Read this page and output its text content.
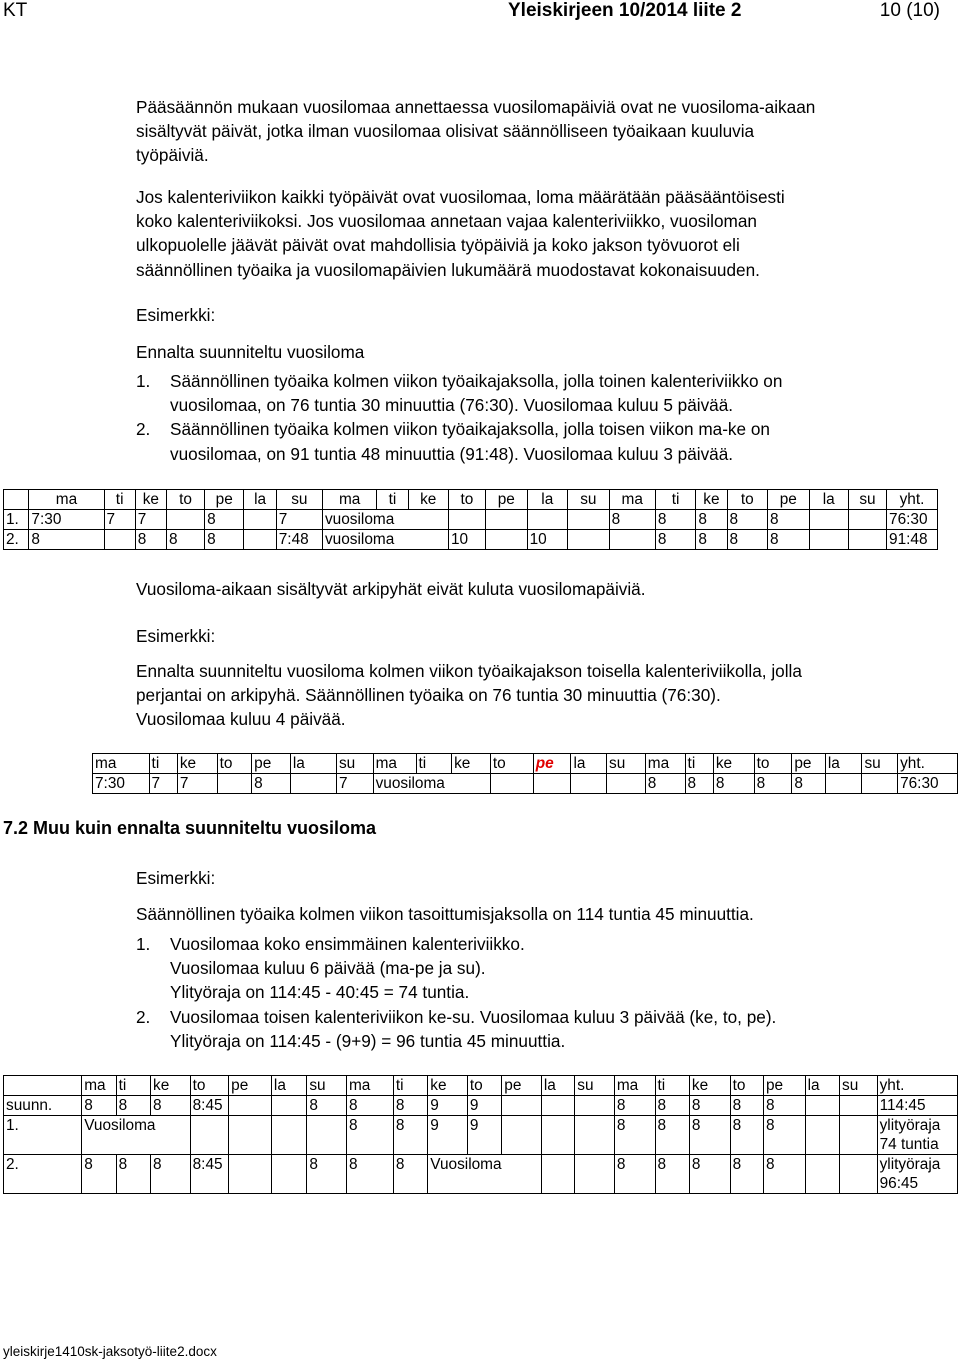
KT	Yleiskirjeen 10/2014 liite 2	10 (10)

Pääsäännön mukaan vuosilomaa annettaessa vuosilomapäiviä ovat ne vuosiloma-aikaan

sisältyvät päivät, jotka ilman vuosilomaa olisivat säännölliseen työaikaan kuuluvia

työpäiviä.

Jos kalenteriviikon kaikki työpäivät ovat vuosilomaa, loma määrätään pääsääntöisesti

koko kalenteriviikoksi. Jos vuosilomaa annetaan vajaa kalenteriviikko, vuosiloman

ulkopuolelle jäävät päivät ovat mahdollisia työpäiviä ja koko jakson työvuorot eli

säännöllinen työaika ja vuosilomapäivien lukumäärä muodostavat kokonaisuuden.

Esimerkki:
Ennalta suunniteltu vuosiloma
1. Säännöllinen työaika kolmen viikon työaikajaksolla, jolla toinen kalenteriviikko on
vuosilomaa, on 76 tuntia 30 minuuttia (76:30). Vuosilomaa kuluu 5 päivää.
2. Säännöllinen työaika kolmen viikon työaikajaksolla, jolla toisen viikon ma-ke on
vuosilomaa, on 91 tuntia 48 minuuttia (91:48). Vuosilomaa kuluu 3 päivää.
	ma	ti	ke	to	pe	la	su	ma	ti	ke	to	pe	la	su	ma	ti	ke	to	pe	la	su	yht.
1.	7:30	7	7		8		7	vuosiloma							8	8	8	8	8			76:30
2.	8		8	8	8		7:48	vuosiloma			10		10			8	8	8	8			91:48
Vuosiloma-aikaan sisältyvät arkipyhät eivät kuluta vuosilomapäiviä.
Esimerkki:

Ennalta suunniteltu vuosiloma kolmen viikon työaikajakson toisella kalenteriviikolla, jolla

perjantai on arkipyhä. Säännöllinen työaika on 76 tuntia 30 minuuttia (76:30).

Vuosilomaa kuluu 4 päivää.

ma	ti	ke	to	pe	la	su	ma	ti	ke	to	pe	la	su	ma	ti	ke	to	pe	la	su	yht.
7:30	7	7		8		7	vuosiloma							8	8	8	8	8			76:30
7.2 Muu kuin ennalta suunniteltu vuosiloma
Esimerkki:
Säännöllinen työaika kolmen viikon tasoittumisjaksolla on 114 tuntia 45 minuuttia.
1. Vuosilomaa koko ensimmäinen kalenteriviikko.
Vuosilomaa kuluu 6 päivää (ma-pe ja su).
Ylityöraja on 114:45 - 40:45 = 74 tuntia.
2. Vuosilomaa toisen kalenteriviikon ke-su. Vuosilomaa kuluu 3 päivää (ke, to, pe).
Ylityöraja on 114:45 - (9+9) = 96 tuntia 45 minuuttia.
	ma	ti	ke	to	pe	la	su	ma	ti	ke	to	pe	la	su	ma	ti	ke	to	pe	la	su	yht.
suunn.	8	8	8	8:45			8	8	8	9	9				8	8	8	8	8			114:45
1.	Vuosiloma							8	8	9	9				8	8	8	8	8			ylityöraja 74 tuntia
2.	8	8	8	8:45			8	8	8	Vuosiloma					8	8	8	8	8			ylityöraja 96:45
yleiskirje1410sk-jaksotyö-liite2.docx
